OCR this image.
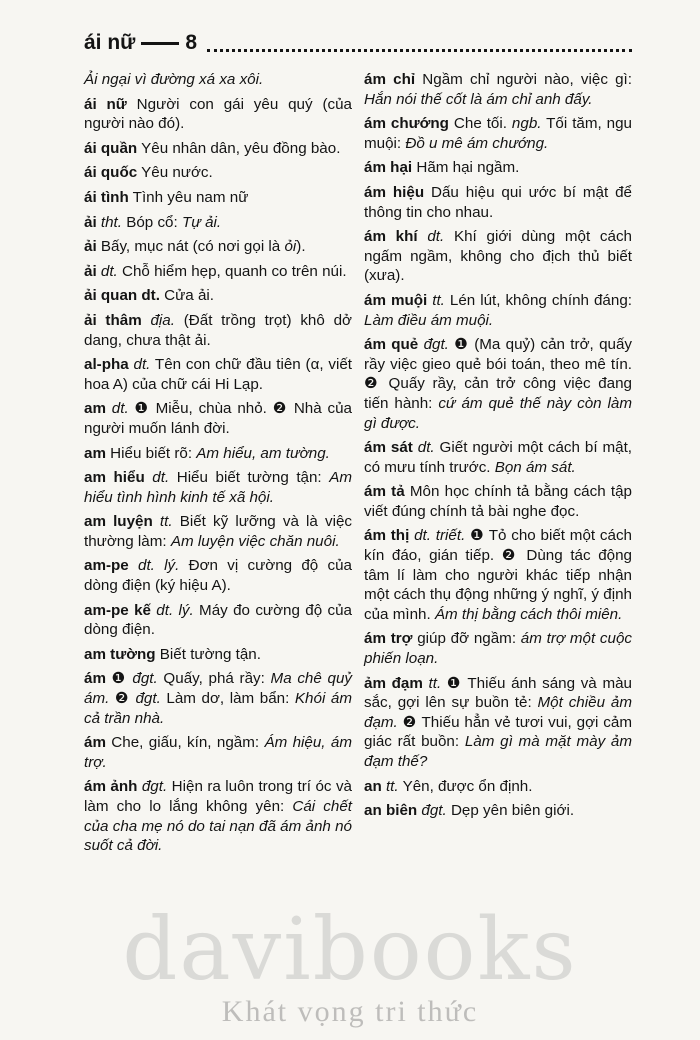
ái nữ 8
Ải ngại vì đường xá xa xôi.
ái nữ Người con gái yêu quý (của người nào đó).
ái quần Yêu nhân dân, yêu đồng bào.
ái quốc Yêu nước.
ái tình Tình yêu nam nữ
ải tht. Bóp cổ: Tự ải.
ải Bấy, mục nát (có nơi gọi là ỏi).
ải dt. Chỗ hiểm hẹp, quanh co trên núi.
ải quan dt. Cửa ải.
ải thâm địa. (Đất trồng trọt) khô dở dang, chưa thật ải.
al-pha dt. Tên con chữ đầu tiên (α, viết hoa A) của chữ cái Hi Lạp.
am dt. ❶ Miễu, chùa nhỏ. ❷ Nhà của người muốn lánh đời.
am Hiểu biết rõ: Am hiểu, am tường.
am hiểu dt. Hiểu biết tường tận: Am hiểu tình hình kinh tế xã hội.
am luyện tt. Biết kỹ lưỡng và là việc thường làm: Am luyện việc chăn nuôi.
am-pe dt. lý. Đơn vị cường độ của dòng điện (ký hiệu A).
am-pe kế dt. lý. Máy đo cường độ của dòng điện.
am tường Biết tường tận.
ám ❶ đgt. Quấy, phá rầy: Ma chê quỷ ám. ❷ đgt. Làm dơ, làm bẩn: Khói ám cả trần nhà.
ám Che, giấu, kín, ngầm: Ám hiệu, ám trợ.
ám ảnh đgt. Hiện ra luôn trong trí óc và làm cho lo lắng không yên: Cái chết của cha mẹ nó do tai nạn đã ám ảnh nó suốt cả đời.
ám chỉ Ngầm chỉ người nào, việc gì: Hắn nói thế cốt là ám chỉ anh đấy.
ám chướng Che tối. ngb. Tối tăm, ngu muội: Đồ u mê ám chướng.
ám hại Hãm hại ngầm.
ám hiệu Dấu hiệu qui ước bí mật để thông tin cho nhau.
ám khí dt. Khí giới dùng một cách ngấm ngầm, không cho địch thủ biết (xưa).
ám muội tt. Lén lút, không chính đáng: Làm điều ám muội.
ám quẻ đgt. ❶ (Ma quỷ) cản trở, quấy rầy việc gieo quẻ bói toán, theo mê tín. ❷ Quấy rầy, cản trở công việc đang tiến hành: cứ ám quẻ thế này còn làm gì được.
ám sát dt. Giết người một cách bí mật, có mưu tính trước. Bọn ám sát.
ám tả Môn học chính tả bằng cách tập viết đúng chính tả bài nghe đọc.
ám thị dt. triết. ❶ Tỏ cho biết một cách kín đáo, gián tiếp. ❷ Dùng tác động tâm lí làm cho người khác tiếp nhận một cách thụ động những ý nghĩ, ý định của mình. Ám thị bằng cách thôi miên.
ám trợ giúp đỡ ngầm: ám trợ một cuộc phiến loạn.
ảm đạm tt. ❶ Thiếu ánh sáng và màu sắc, gợi lên sự buồn tẻ: Một chiều ảm đạm. ❷ Thiếu hẳn vẻ tươi vui, gợi cảm giác rất buồn: Làm gì mà mặt mày ảm đạm thế?
an tt. Yên, được ổn định.
an biên đgt. Dẹp yên biên giới.
davibooks
Khát vọng tri thức
